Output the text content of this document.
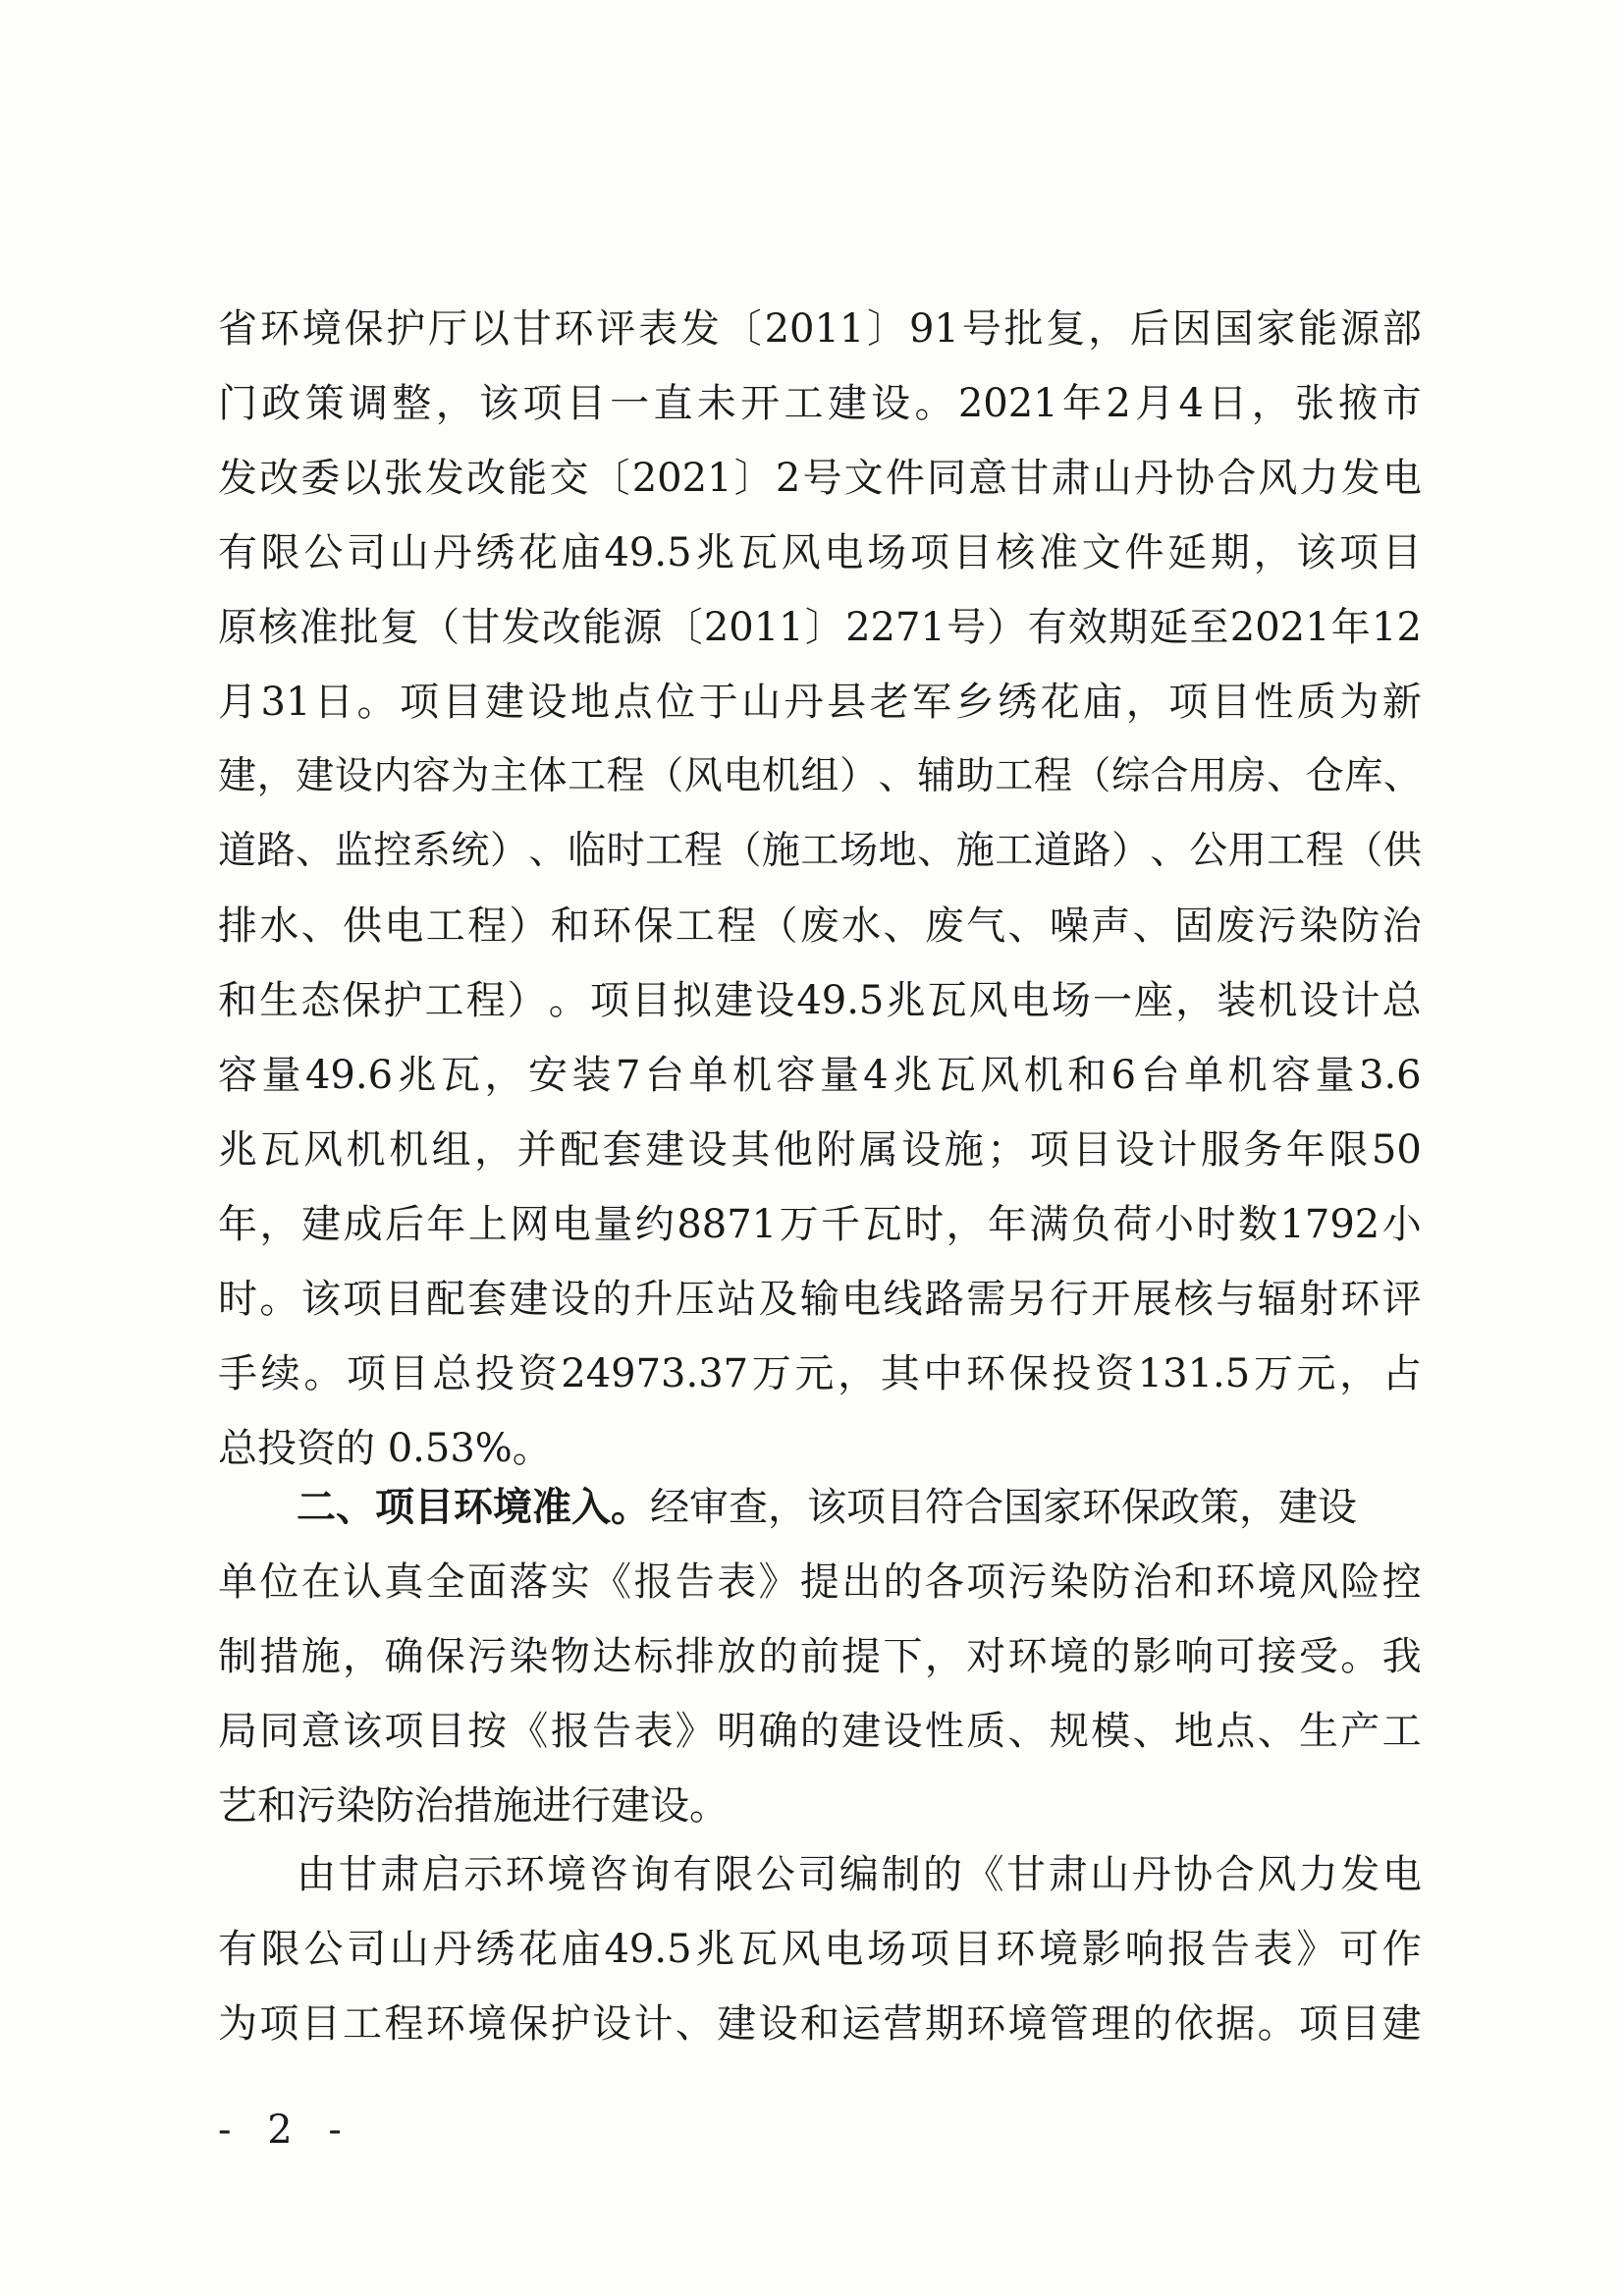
省 环 境 保 护 厅 以 甘 环 评 表 发 〔 2011 〕 91 号 批 复 ， 后 因 国 家 能 源 部
门 政 策 调 整 ， 该 项 目 一 直 未 开 工 建 设 。 2021 年 2 月 4 日 ， 张 掖 市
发 改 委 以 张 发 改 能 交 〔 2021 〕 2 号 文 件 同 意 甘 肃 山 丹 协 合 风 力 发 电
有 限 公 司 山 丹 绣 花 庙 49.5 兆 瓦 风 电 场 项 目 核 准 文 件 延 期 ， 该 项 目
原 核 准 批 复 （ 甘 发 改 能 源 〔 2011 〕 2271 号 ） 有 效 期 延 至 2021 年 12
月 31 日 。 项 目 建 设 地 点 位 于 山 丹 县 老 军 乡 绣 花 庙 ， 项 目 性 质 为 新
建 ， 建 设 内 容 为 主 体 工 程 （ 风 电 机 组 ） 、 辅 助 工 程 （ 综 合 用 房 、 仓 库 、
道 路 、 监 控 系 统 ） 、 临 时 工 程 （ 施 工 场 地 、 施 工 道 路 ） 、 公 用 工 程 （ 供
排 水 、 供 电 工 程 ） 和 环 保 工 程 （ 废 水 、 废 气 、 噪 声 、 固 废 污 染 防 治
和 生 态 保 护 工 程 ） 。 项 目 拟 建 设 49.5 兆 瓦 风 电 场 一 座 ， 装 机 设 计 总
容 量 49.6 兆 瓦 ， 安 装 7 台 单 机 容 量 4 兆 瓦 风 机 和 6 台 单 机 容 量 3.6
兆 瓦 风 机 机 组 ， 并 配 套 建 设 其 他 附 属 设 施 ； 项 目 设 计 服 务 年 限 50
年 ， 建 成 后 年 上 网 电 量 约 8871 万 千 瓦 时 ， 年 满 负 荷 小 时 数 1792 小
时 。 该 项 目 配 套 建 设 的 升 压 站 及 输 电 线 路 需 另 行 开 展 核 与 辐 射 环 评
手 续 。 项 目 总 投 资 24973.37 万 元 ， 其 中 环 保 投 资 131.5 万 元 ， 占
总投资的 0.53%。
二、项目环境准入。 经审查，该项目符合国家环保政策，建设
单 位 在 认 真 全 面 落 实 《 报 告 表 》 提 出 的 各 项 污 染 防 治 和 环 境 风 险 控
制 措 施 ， 确 保 污 染 物 达 标 排 放 的 前 提 下 ， 对 环 境 的 影 响 可 接 受 。 我
局 同 意 该 项 目 按 《 报 告 表 》 明 确 的 建 设 性 质 、 规 模 、 地 点 、 生 产 工
艺和污染防治措施进行建设。
由 甘 肃 启 示 环 境 咨 询 有 限 公 司 编 制 的 《 甘 肃 山 丹 协 合 风 力 发 电
有 限 公 司 山 丹 绣 花 庙 49.5 兆 瓦 风 电 场 项 目 环 境 影 响 报 告 表 》 可 作
为 项 目 工 程 环 境 保 护 设 计 、 建 设 和 运 营 期 环 境 管 理 的 依 据 。 项 目 建
- 2 -
